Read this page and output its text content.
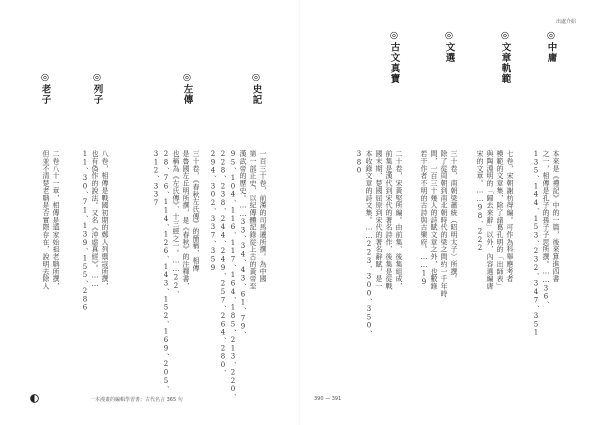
出處介紹
◎中庸
本來是《禮記》中的一篇，後來算進四書
之一，相傳是孔子的孫子子思所撰。……36、
135、144、153、232、347、351
◎文章軌範
七卷，宋朝謝枋得編。可作為科舉應考者
模範的文章集，除了諸葛孔明的「出師表」
與陶淵明的「歸去來辭」以外，內容選編唐
宋的文章。……98、222
◎文選
三十卷，南朝梁蕭統（昭明太子）所撰。
除了從周朝到南北朝時代的梁之間約一千年時
間，一百三十幾人的詩賦文章之外，也數錄
若干作者不明的古詩與古樂府。……19
◎古文真寶
二十卷，宋黃堅所編。由前集、後集組成，
前集是漢代到宋代的著名詩作，後集是從戰
國末期、楚國屈原到宋代的著名辭賦，是一
本收錄文章的詩文集。……223、300、350、
380
◎史記
一百三十卷，前漢的司馬遷所撰。為中國
第一部正史，以紀傳體記錄從上古的黃帝至
漢武帝的歷史。……33、34、43、61、79、
95、104、116、117、164、185、213、220、
228、238、244、249、257、264、280、
294、302、337、359
◎左傳
三十卷，《春秋左氏傳》的簡稱，相傳
是魯國左丘明所撰，是《春秋》的注釋書，
也稱為《左氏傳》、十三經之一。……22、
28、76、114、126、143、152、169、205、
312、337
◎列子
八卷，相傳是戰國初期的鄭人列禦寇所撰，
也有偽作的說法。又名《沖虛真經》。……
11、30、71、139、155、286
◎老子
二卷八十一章，相傳是道家始祖老聃所撰，
但並不清楚老聃是否實際存在，說明去除人
一本漫畫的編輯學習書：古代名言 365 句	390 — 391
